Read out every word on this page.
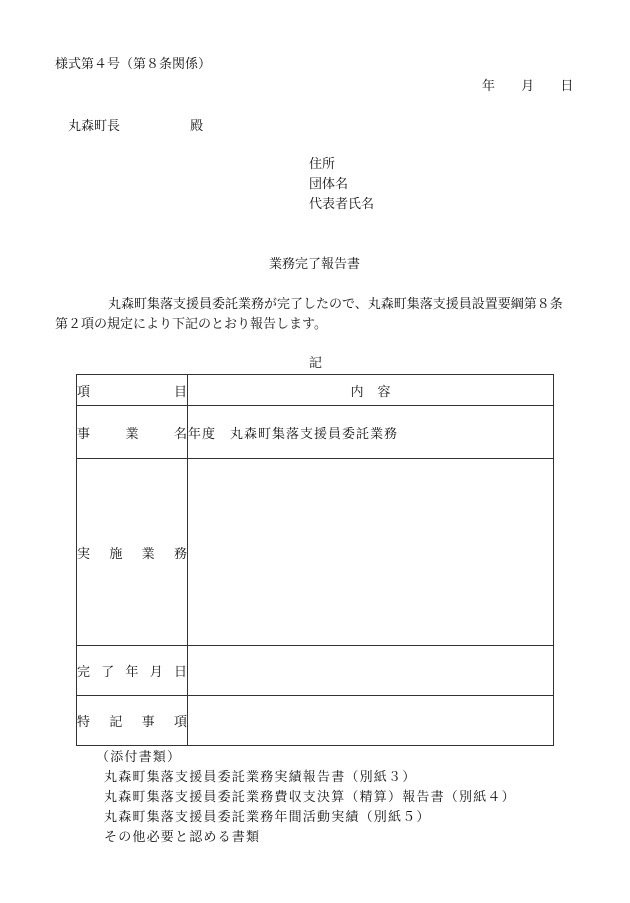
様式第４号（第８条関係）
年 月 日
丸森町長	殿
住所
団体名
代表者氏名
業務完了報告書
丸森町集落支援員委託業務が完了したので、丸森町集落支援員設置要綱第８条
第２項の規定により下記のとおり報告します。
記
項 目	内容

事 業 名	年度　丸森町集落支援員委託業務

実 施 業 務	

完 了 年 月 日	

特 記 事 項	

（添付書類）
丸森町集落支援員委託業務実績報告書（別紙３）
丸森町集落支援員委託業務費収支決算（精算）報告書（別紙４）
丸森町集落支援員委託業務年間活動実績（別紙５）
その他必要と認める書類
